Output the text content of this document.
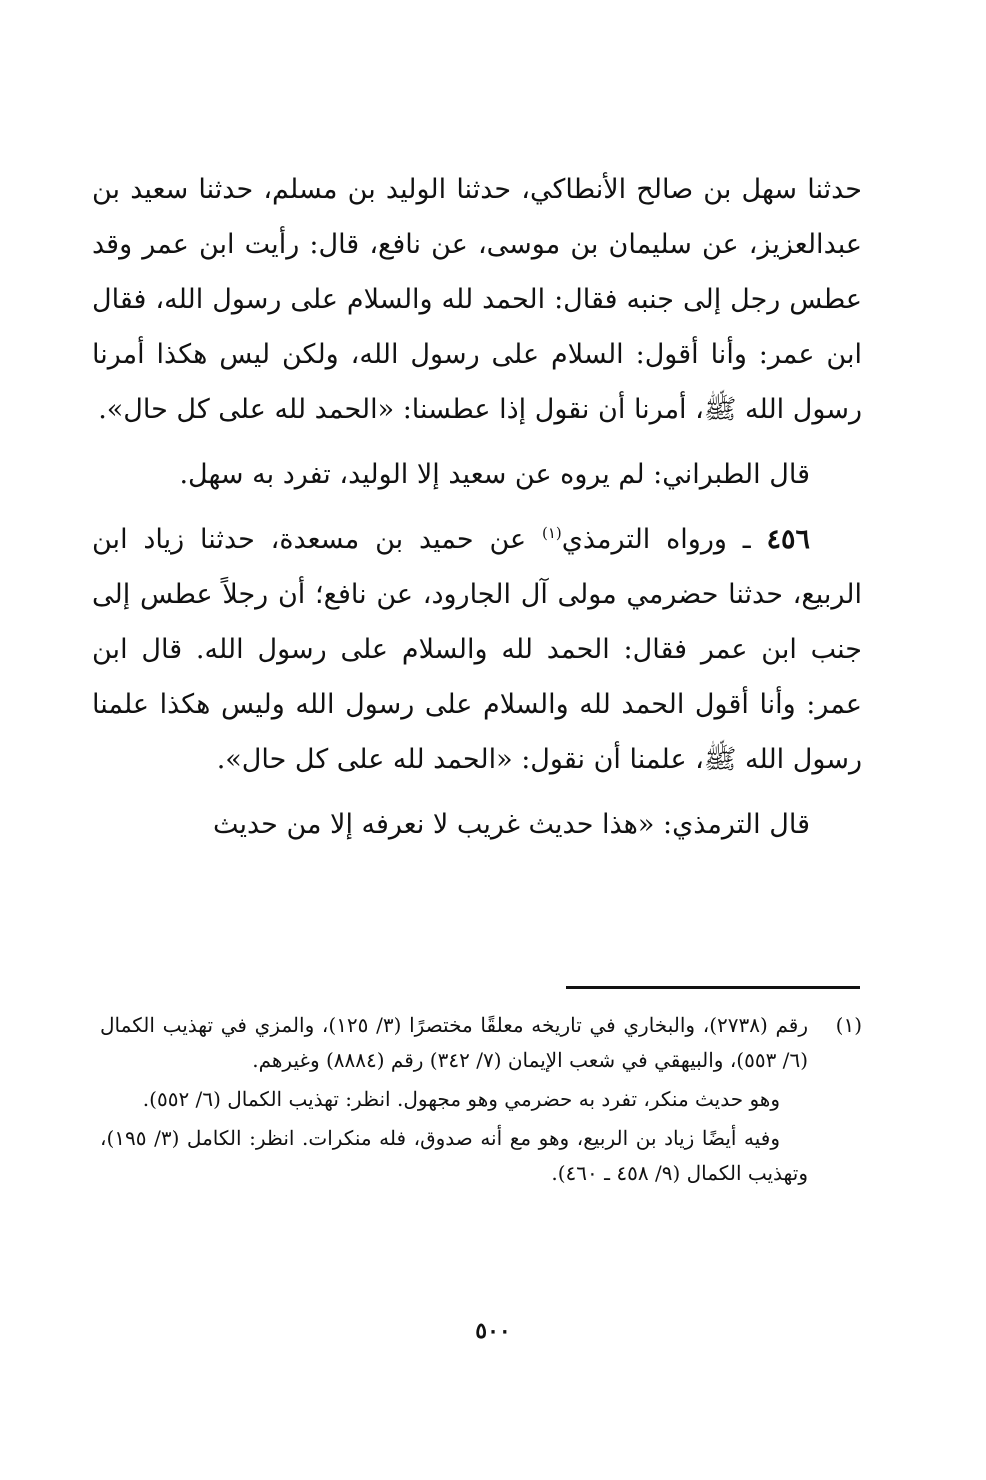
حدثنا سهل بن صالح الأنطاكي، حدثنا الوليد بن مسلم، حدثنا سعيد بن عبدالعزيز، عن سليمان بن موسى، عن نافع، قال: رأيت ابن عمر وقد عطس رجل إلى جنبه فقال: الحمد لله والسلام على رسول الله، فقال ابن عمر: وأنا أقول: السلام على رسول الله، ولكن ليس هكذا أمرنا رسول الله ﷺ، أمرنا أن نقول إذا عطسنا: «الحمد لله على كل حال».

قال الطبراني: لم يروه عن سعيد إلا الوليد، تفرد به سهل.

٤٥٦ ـ ورواه الترمذي$^{(١)}$ عن حميد بن مسعدة، حدثنا زياد ابن الربيع، حدثنا حضرمي مولى آل الجارود، عن نافع؛ أن رجلاً عطس إلى جنب ابن عمر فقال: الحمد لله والسلام على رسول الله. قال ابن عمر: وأنا أقول الحمد لله والسلام على رسول الله وليس هكذا علمنا رسول الله ﷺ، علمنا أن نقول: «الحمد لله على كل حال».

قال الترمذي: «هذا حديث غريب لا نعرفه إلا من حديث

(١)
رقم (٢٧٣٨)، والبخاري في تاريخه معلقًا مختصرًا (٣/ ١٢٥)، والمزي في تهذيب الكمال (٦/ ٥٥٣)، والبيهقي في شعب الإيمان (٧/ ٣٤٢) رقم (٨٨٨٤) وغيرهم.

وهو حديث منكر، تفرد به حضرمي وهو مجهول. انظر: تهذيب الكمال (٦/ ٥٥٢).

وفيه أيضًا زياد بن الربيع، وهو مع أنه صدوق، فله منكرات. انظر: الكامل (٣/ ١٩٥)، وتهذيب الكمال (٩/ ٤٥٨ ـ ٤٦٠).

٥٠٠
